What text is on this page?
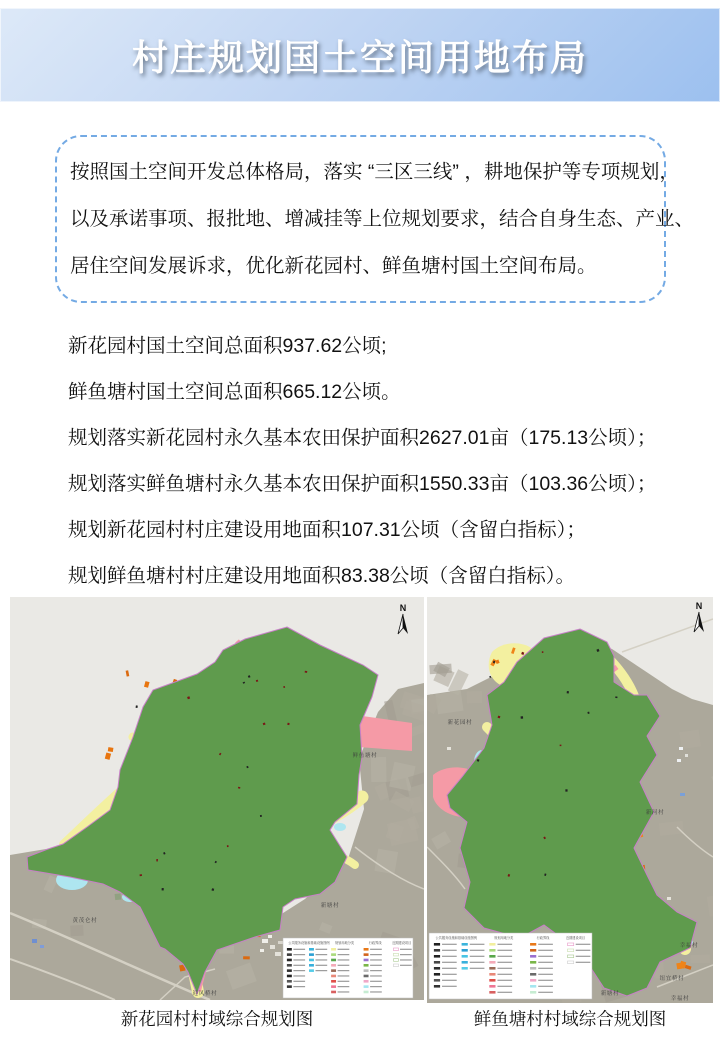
村庄规划国土空间用地布局
按照国土空间开发总体格局，落实 “三区三线” ，耕地保护等专项规划，
以及承诺事项、报批地、增减挂等上位规划要求，结合自身生态、产业、
居住空间发展诉求，优化新花园村、鲜鱼塘村国土空间布局。
新花园村国土空间总面积937.62公顷;
鲜鱼塘村国土空间总面积665.12公顷。
规划落实新花园村永久基本农田保护面积2627.01亩（175.13公顷）；
规划落实鲜鱼塘村永久基本农田保护面积1550.33亩（103.36公顷）；
规划新花园村村庄建设用地面积107.31公顷（含留白指标）；
规划鲜鱼塘村村庄建设用地面积83.38公顷（含留白指标）。
公共服务设施和基础设施图例 规划用地分类	行政界线	近期建设项目
N
鲜鱼塘村
黄茂仑村
迎风桥村
新塘村
公共服务设施和基础设施图例	规划用地分类	行政界线	近期建设项目
N
新花园村
新河村
幸福村
纽宜桥村
新塘村
幸福村
新花园村村域综合规划图	鲜鱼塘村村域综合规划图
